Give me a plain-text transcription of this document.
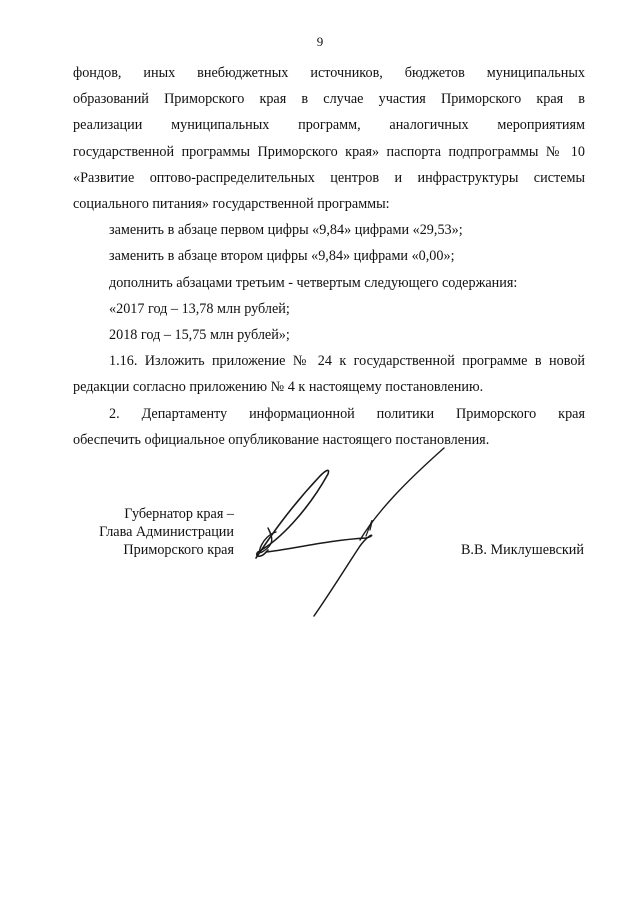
9

фондов, иных внебюджетных источников, бюджетов муниципальных
образований Приморского края в случае участия Приморского края в
реализации муниципальных программ, аналогичных мероприятиям
государственной программы Приморского края» паспорта подпрограммы № 10
«Развитие оптово-распределительных центров и инфраструктуры системы
социального питания» государственной программы:

заменить в абзаце первом цифры «9,84» цифрами «29,53»;
заменить в абзаце втором цифры «9,84» цифрами «0,00»;
дополнить абзацами третьим - четвертым следующего содержания:
«2017 год – 13,78 млн рублей;
2018 год – 15,75 млн рублей»;

1.16. Изложить приложение № 24 к государственной программе в новой

редакции согласно приложению № 4 к настоящему постановлению.

2. Департаменту информационной политики Приморского края

обеспечить официальное опубликование настоящего постановления.

Губернатор края –
Глава Администрации
Приморского края	В.В. Миклушевский
